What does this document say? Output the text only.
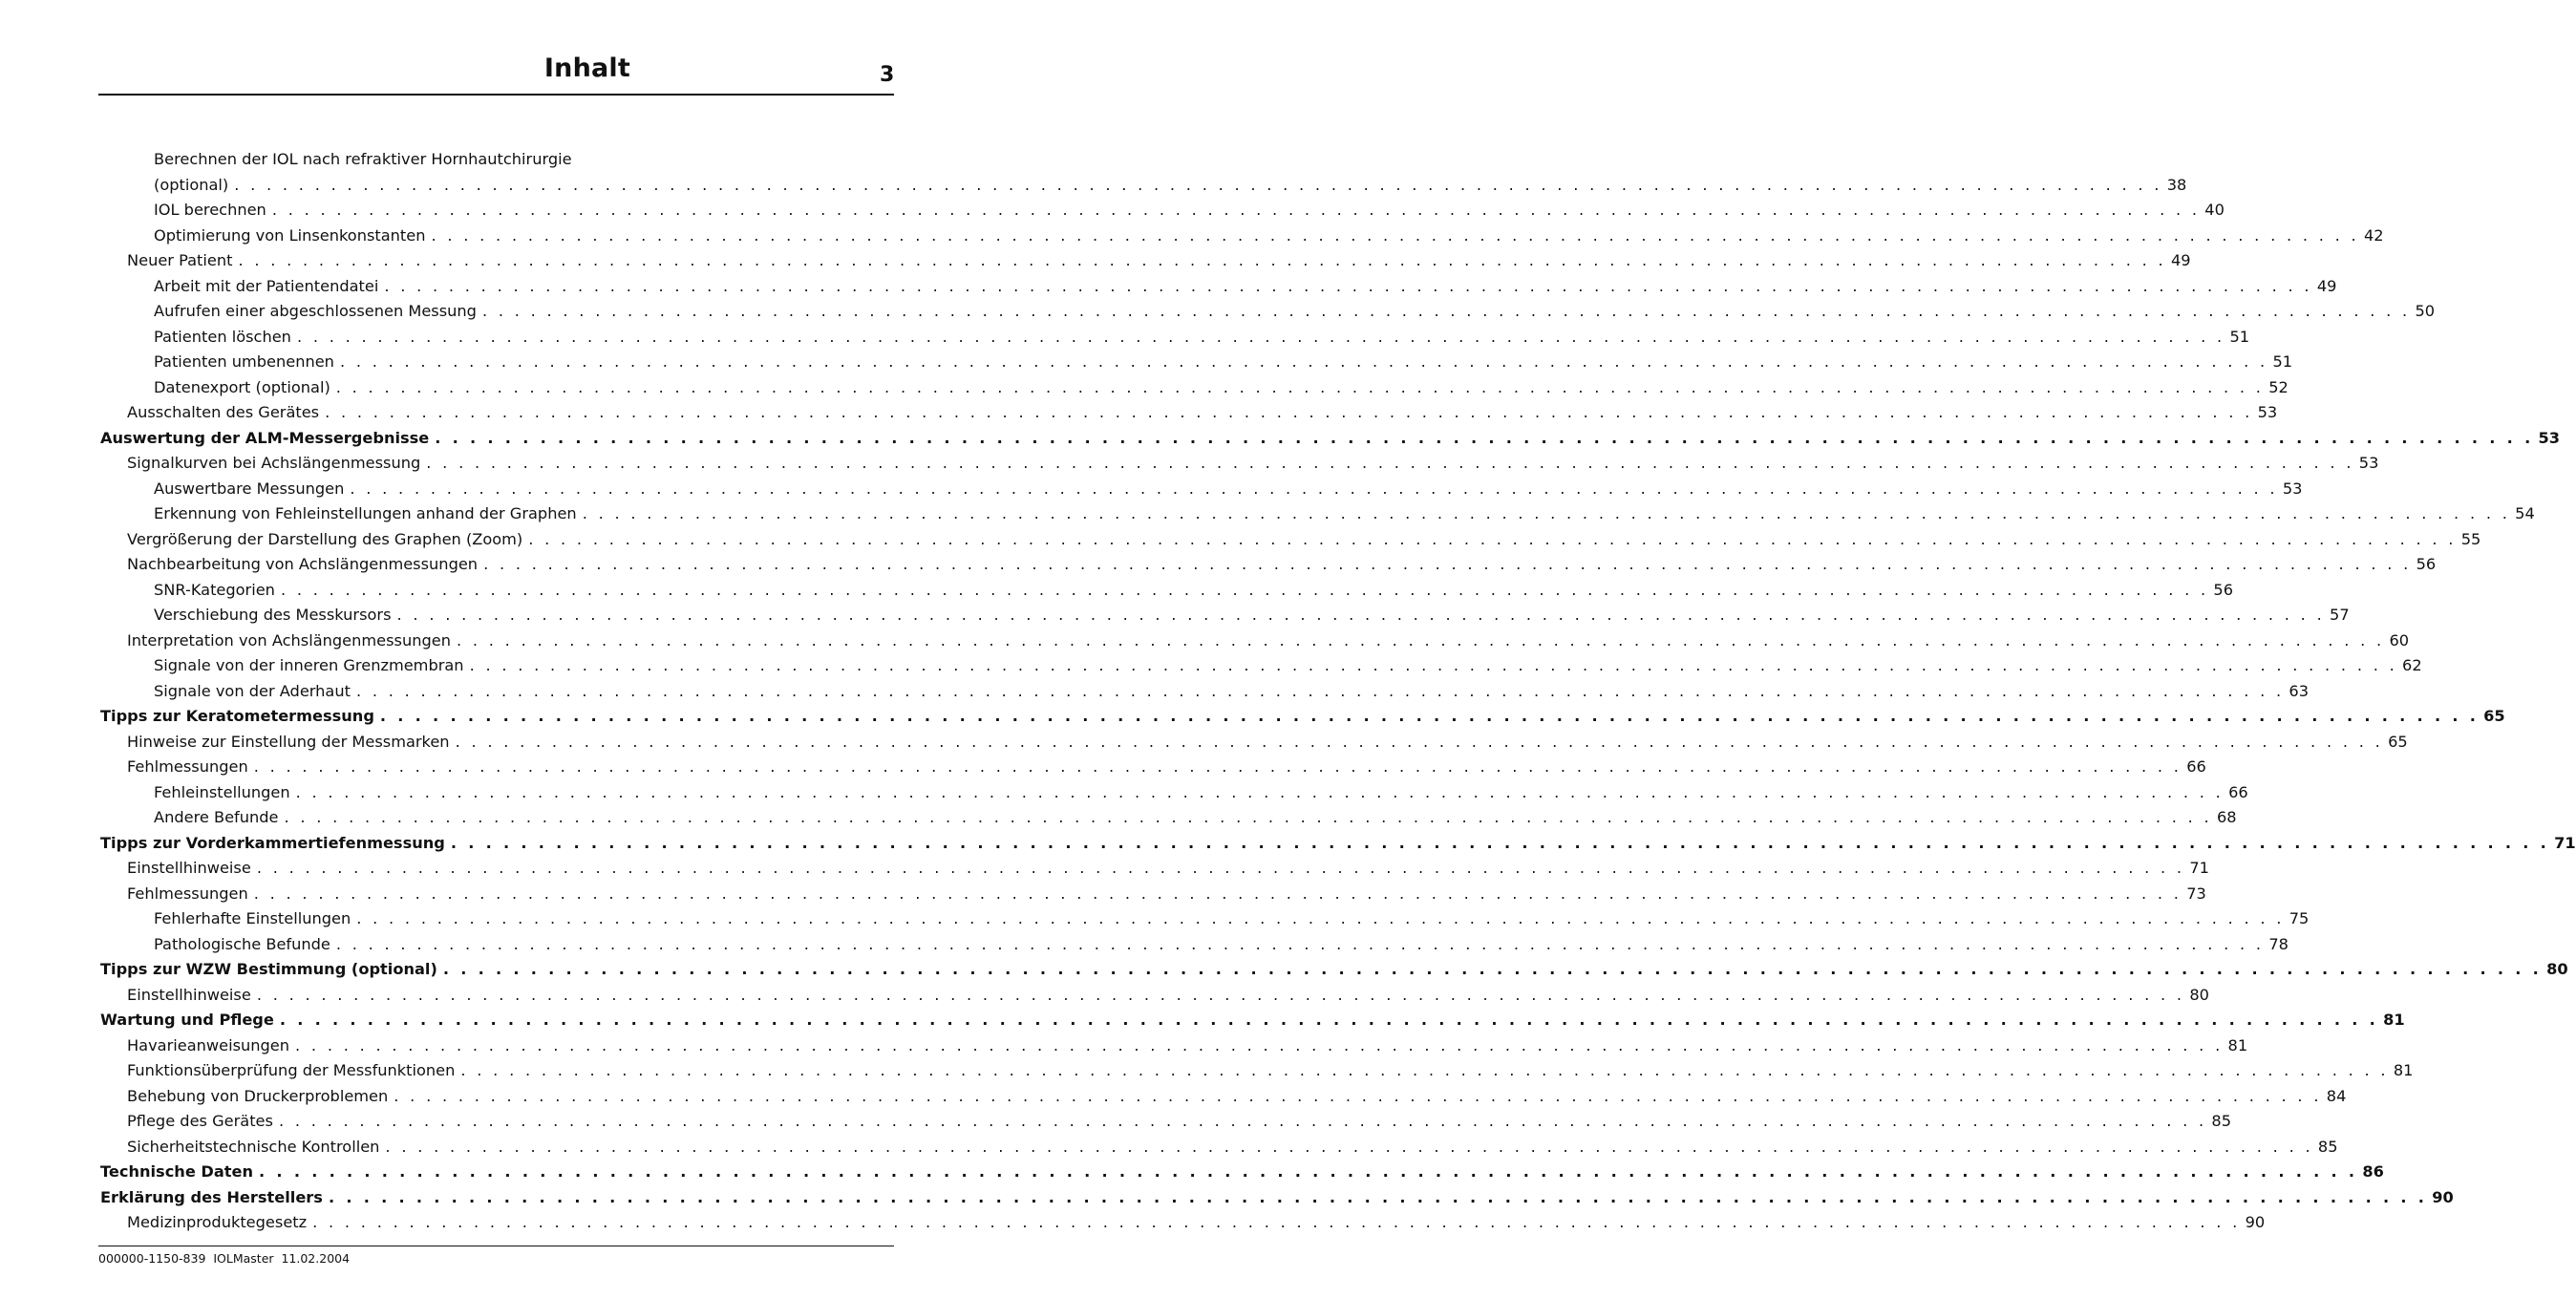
Inhalt	3
Berechnen der IOL nach refraktiver Hornhautchirurgie
(optional) . . . . . . . . . . . . . . . . . . . . . . . . . . . . . . . . . . . . . . . . . . . . . . . . . . . . . . . . . . . . . . . . . . . . . . . . . . . . . . . . . . . . . . . . . . . . . . . . . . . . . . . . . . . . . . . . . . . . . . . . 38
IOL berechnen . . . . . . . . . . . . . . . . . . . . . . . . . . . . . . . . . . . . . . . . . . . . . . . . . . . . . . . . . . . . . . . . . . . . . . . . . . . . . . . . . . . . . . . . . . . . . . . . . . . . . . . . . . . . . . . . . . . . . . . . 40
Optimierung von Linsenkonstanten . . . . . . . . . . . . . . . . . . . . . . . . . . . . . . . . . . . . . . . . . . . . . . . . . . . . . . . . . . . . . . . . . . . . . . . . . . . . . . . . . . . . . . . . . . . . . . . . . . . . . . . . . . . . . . . . . . . . . . . . 42
Neuer Patient . . . . . . . . . . . . . . . . . . . . . . . . . . . . . . . . . . . . . . . . . . . . . . . . . . . . . . . . . . . . . . . . . . . . . . . . . . . . . . . . . . . . . . . . . . . . . . . . . . . . . . . . . . . . . . . . . . . . . . . . 49
Arbeit mit der Patientendatei . . . . . . . . . . . . . . . . . . . . . . . . . . . . . . . . . . . . . . . . . . . . . . . . . . . . . . . . . . . . . . . . . . . . . . . . . . . . . . . . . . . . . . . . . . . . . . . . . . . . . . . . . . . . . . . . . . . . . . . . 49
Aufrufen einer abgeschlossenen Messung . . . . . . . . . . . . . . . . . . . . . . . . . . . . . . . . . . . . . . . . . . . . . . . . . . . . . . . . . . . . . . . . . . . . . . . . . . . . . . . . . . . . . . . . . . . . . . . . . . . . . . . . . . . . . . . . . . . . . . . . 50
Patienten löschen . . . . . . . . . . . . . . . . . . . . . . . . . . . . . . . . . . . . . . . . . . . . . . . . . . . . . . . . . . . . . . . . . . . . . . . . . . . . . . . . . . . . . . . . . . . . . . . . . . . . . . . . . . . . . . . . . . . . . . . . 51
Patienten umbenennen . . . . . . . . . . . . . . . . . . . . . . . . . . . . . . . . . . . . . . . . . . . . . . . . . . . . . . . . . . . . . . . . . . . . . . . . . . . . . . . . . . . . . . . . . . . . . . . . . . . . . . . . . . . . . . . . . . . . . . . . 51
Datenexport (optional) . . . . . . . . . . . . . . . . . . . . . . . . . . . . . . . . . . . . . . . . . . . . . . . . . . . . . . . . . . . . . . . . . . . . . . . . . . . . . . . . . . . . . . . . . . . . . . . . . . . . . . . . . . . . . . . . . . . . . . . . 52
Ausschalten des Gerätes . . . . . . . . . . . . . . . . . . . . . . . . . . . . . . . . . . . . . . . . . . . . . . . . . . . . . . . . . . . . . . . . . . . . . . . . . . . . . . . . . . . . . . . . . . . . . . . . . . . . . . . . . . . . . . . . . . . . . . . . 53
Auswertung der ALM-Messergebnisse . . . . . . . . . . . . . . . . . . . . . . . . . . . . . . . . . . . . . . . . . . . . . . . . . . . . . . . . . . . . . . . . . . . . . . . . . . . . . . . . . . . . . . . . . . . . . . . . . . . . . . . . . . . . . . . . . . . . . . . . 53
Signalkurven bei Achslängenmessung . . . . . . . . . . . . . . . . . . . . . . . . . . . . . . . . . . . . . . . . . . . . . . . . . . . . . . . . . . . . . . . . . . . . . . . . . . . . . . . . . . . . . . . . . . . . . . . . . . . . . . . . . . . . . . . . . . . . . . . . 53
Auswertbare Messungen . . . . . . . . . . . . . . . . . . . . . . . . . . . . . . . . . . . . . . . . . . . . . . . . . . . . . . . . . . . . . . . . . . . . . . . . . . . . . . . . . . . . . . . . . . . . . . . . . . . . . . . . . . . . . . . . . . . . . . . . 53
Erkennung von Fehleinstellungen anhand der Graphen . . . . . . . . . . . . . . . . . . . . . . . . . . . . . . . . . . . . . . . . . . . . . . . . . . . . . . . . . . . . . . . . . . . . . . . . . . . . . . . . . . . . . . . . . . . . . . . . . . . . . . . . . . . . . . . . . . . . . . . . 54
Vergrößerung der Darstellung des Graphen (Zoom) . . . . . . . . . . . . . . . . . . . . . . . . . . . . . . . . . . . . . . . . . . . . . . . . . . . . . . . . . . . . . . . . . . . . . . . . . . . . . . . . . . . . . . . . . . . . . . . . . . . . . . . . . . . . . . . . . . . . . . . . 55
Nachbearbeitung von Achslängenmessungen . . . . . . . . . . . . . . . . . . . . . . . . . . . . . . . . . . . . . . . . . . . . . . . . . . . . . . . . . . . . . . . . . . . . . . . . . . . . . . . . . . . . . . . . . . . . . . . . . . . . . . . . . . . . . . . . . . . . . . . . 56
SNR-Kategorien . . . . . . . . . . . . . . . . . . . . . . . . . . . . . . . . . . . . . . . . . . . . . . . . . . . . . . . . . . . . . . . . . . . . . . . . . . . . . . . . . . . . . . . . . . . . . . . . . . . . . . . . . . . . . . . . . . . . . . . . 56
Verschiebung des Messkursors . . . . . . . . . . . . . . . . . . . . . . . . . . . . . . . . . . . . . . . . . . . . . . . . . . . . . . . . . . . . . . . . . . . . . . . . . . . . . . . . . . . . . . . . . . . . . . . . . . . . . . . . . . . . . . . . . . . . . . . . 57
Interpretation von Achslängenmessungen . . . . . . . . . . . . . . . . . . . . . . . . . . . . . . . . . . . . . . . . . . . . . . . . . . . . . . . . . . . . . . . . . . . . . . . . . . . . . . . . . . . . . . . . . . . . . . . . . . . . . . . . . . . . . . . . . . . . . . . . 60
Signale von der inneren Grenzmembran . . . . . . . . . . . . . . . . . . . . . . . . . . . . . . . . . . . . . . . . . . . . . . . . . . . . . . . . . . . . . . . . . . . . . . . . . . . . . . . . . . . . . . . . . . . . . . . . . . . . . . . . . . . . . . . . . . . . . . . . 62
Signale von der Aderhaut . . . . . . . . . . . . . . . . . . . . . . . . . . . . . . . . . . . . . . . . . . . . . . . . . . . . . . . . . . . . . . . . . . . . . . . . . . . . . . . . . . . . . . . . . . . . . . . . . . . . . . . . . . . . . . . . . . . . . . . . 63
Tipps zur Keratometermessung . . . . . . . . . . . . . . . . . . . . . . . . . . . . . . . . . . . . . . . . . . . . . . . . . . . . . . . . . . . . . . . . . . . . . . . . . . . . . . . . . . . . . . . . . . . . . . . . . . . . . . . . . . . . . . . . . . . . . . . . 65
Hinweise zur Einstellung der Messmarken . . . . . . . . . . . . . . . . . . . . . . . . . . . . . . . . . . . . . . . . . . . . . . . . . . . . . . . . . . . . . . . . . . . . . . . . . . . . . . . . . . . . . . . . . . . . . . . . . . . . . . . . . . . . . . . . . . . . . . . . 65
Fehlmessungen . . . . . . . . . . . . . . . . . . . . . . . . . . . . . . . . . . . . . . . . . . . . . . . . . . . . . . . . . . . . . . . . . . . . . . . . . . . . . . . . . . . . . . . . . . . . . . . . . . . . . . . . . . . . . . . . . . . . . . . . 66
Fehleinstellungen . . . . . . . . . . . . . . . . . . . . . . . . . . . . . . . . . . . . . . . . . . . . . . . . . . . . . . . . . . . . . . . . . . . . . . . . . . . . . . . . . . . . . . . . . . . . . . . . . . . . . . . . . . . . . . . . . . . . . . . . 66
Andere Befunde . . . . . . . . . . . . . . . . . . . . . . . . . . . . . . . . . . . . . . . . . . . . . . . . . . . . . . . . . . . . . . . . . . . . . . . . . . . . . . . . . . . . . . . . . . . . . . . . . . . . . . . . . . . . . . . . . . . . . . . . 68
Tipps zur Vorderkammertiefenmessung . . . . . . . . . . . . . . . . . . . . . . . . . . . . . . . . . . . . . . . . . . . . . . . . . . . . . . . . . . . . . . . . . . . . . . . . . . . . . . . . . . . . . . . . . . . . . . . . . . . . . . . . . . . . . . . . . . . . . . . . 71
Einstellhinweise . . . . . . . . . . . . . . . . . . . . . . . . . . . . . . . . . . . . . . . . . . . . . . . . . . . . . . . . . . . . . . . . . . . . . . . . . . . . . . . . . . . . . . . . . . . . . . . . . . . . . . . . . . . . . . . . . . . . . . . . 71
Fehlmessungen . . . . . . . . . . . . . . . . . . . . . . . . . . . . . . . . . . . . . . . . . . . . . . . . . . . . . . . . . . . . . . . . . . . . . . . . . . . . . . . . . . . . . . . . . . . . . . . . . . . . . . . . . . . . . . . . . . . . . . . . 73
Fehlerhafte Einstellungen . . . . . . . . . . . . . . . . . . . . . . . . . . . . . . . . . . . . . . . . . . . . . . . . . . . . . . . . . . . . . . . . . . . . . . . . . . . . . . . . . . . . . . . . . . . . . . . . . . . . . . . . . . . . . . . . . . . . . . . . 75
Pathologische Befunde . . . . . . . . . . . . . . . . . . . . . . . . . . . . . . . . . . . . . . . . . . . . . . . . . . . . . . . . . . . . . . . . . . . . . . . . . . . . . . . . . . . . . . . . . . . . . . . . . . . . . . . . . . . . . . . . . . . . . . . . 78
Tipps zur WZW Bestimmung (optional) . . . . . . . . . . . . . . . . . . . . . . . . . . . . . . . . . . . . . . . . . . . . . . . . . . . . . . . . . . . . . . . . . . . . . . . . . . . . . . . . . . . . . . . . . . . . . . . . . . . . . . . . . . . . . . . . . . . . . . . . 80
Einstellhinweise . . . . . . . . . . . . . . . . . . . . . . . . . . . . . . . . . . . . . . . . . . . . . . . . . . . . . . . . . . . . . . . . . . . . . . . . . . . . . . . . . . . . . . . . . . . . . . . . . . . . . . . . . . . . . . . . . . . . . . . . 80
Wartung und Pflege . . . . . . . . . . . . . . . . . . . . . . . . . . . . . . . . . . . . . . . . . . . . . . . . . . . . . . . . . . . . . . . . . . . . . . . . . . . . . . . . . . . . . . . . . . . . . . . . . . . . . . . . . . . . . . . . . . . . . . . . 81
Havarieanweisungen . . . . . . . . . . . . . . . . . . . . . . . . . . . . . . . . . . . . . . . . . . . . . . . . . . . . . . . . . . . . . . . . . . . . . . . . . . . . . . . . . . . . . . . . . . . . . . . . . . . . . . . . . . . . . . . . . . . . . . . . 81
Funktionsüberprüfung der Messfunktionen . . . . . . . . . . . . . . . . . . . . . . . . . . . . . . . . . . . . . . . . . . . . . . . . . . . . . . . . . . . . . . . . . . . . . . . . . . . . . . . . . . . . . . . . . . . . . . . . . . . . . . . . . . . . . . . . . . . . . . . . 81
Behebung von Druckerproblemen . . . . . . . . . . . . . . . . . . . . . . . . . . . . . . . . . . . . . . . . . . . . . . . . . . . . . . . . . . . . . . . . . . . . . . . . . . . . . . . . . . . . . . . . . . . . . . . . . . . . . . . . . . . . . . . . . . . . . . . . 84
Pflege des Gerätes . . . . . . . . . . . . . . . . . . . . . . . . . . . . . . . . . . . . . . . . . . . . . . . . . . . . . . . . . . . . . . . . . . . . . . . . . . . . . . . . . . . . . . . . . . . . . . . . . . . . . . . . . . . . . . . . . . . . . . . . 85
Sicherheitstechnische Kontrollen . . . . . . . . . . . . . . . . . . . . . . . . . . . . . . . . . . . . . . . . . . . . . . . . . . . . . . . . . . . . . . . . . . . . . . . . . . . . . . . . . . . . . . . . . . . . . . . . . . . . . . . . . . . . . . . . . . . . . . . . 85
Technische Daten . . . . . . . . . . . . . . . . . . . . . . . . . . . . . . . . . . . . . . . . . . . . . . . . . . . . . . . . . . . . . . . . . . . . . . . . . . . . . . . . . . . . . . . . . . . . . . . . . . . . . . . . . . . . . . . . . . . . . . . . 86
Erklärung des Herstellers . . . . . . . . . . . . . . . . . . . . . . . . . . . . . . . . . . . . . . . . . . . . . . . . . . . . . . . . . . . . . . . . . . . . . . . . . . . . . . . . . . . . . . . . . . . . . . . . . . . . . . . . . . . . . . . . . . . . . . . . 90
Medizinproduktegesetz . . . . . . . . . . . . . . . . . . . . . . . . . . . . . . . . . . . . . . . . . . . . . . . . . . . . . . . . . . . . . . . . . . . . . . . . . . . . . . . . . . . . . . . . . . . . . . . . . . . . . . . . . . . . . . . . . . . . . . . . 90
000000-1150-839  IOLMaster  11.02.2004
